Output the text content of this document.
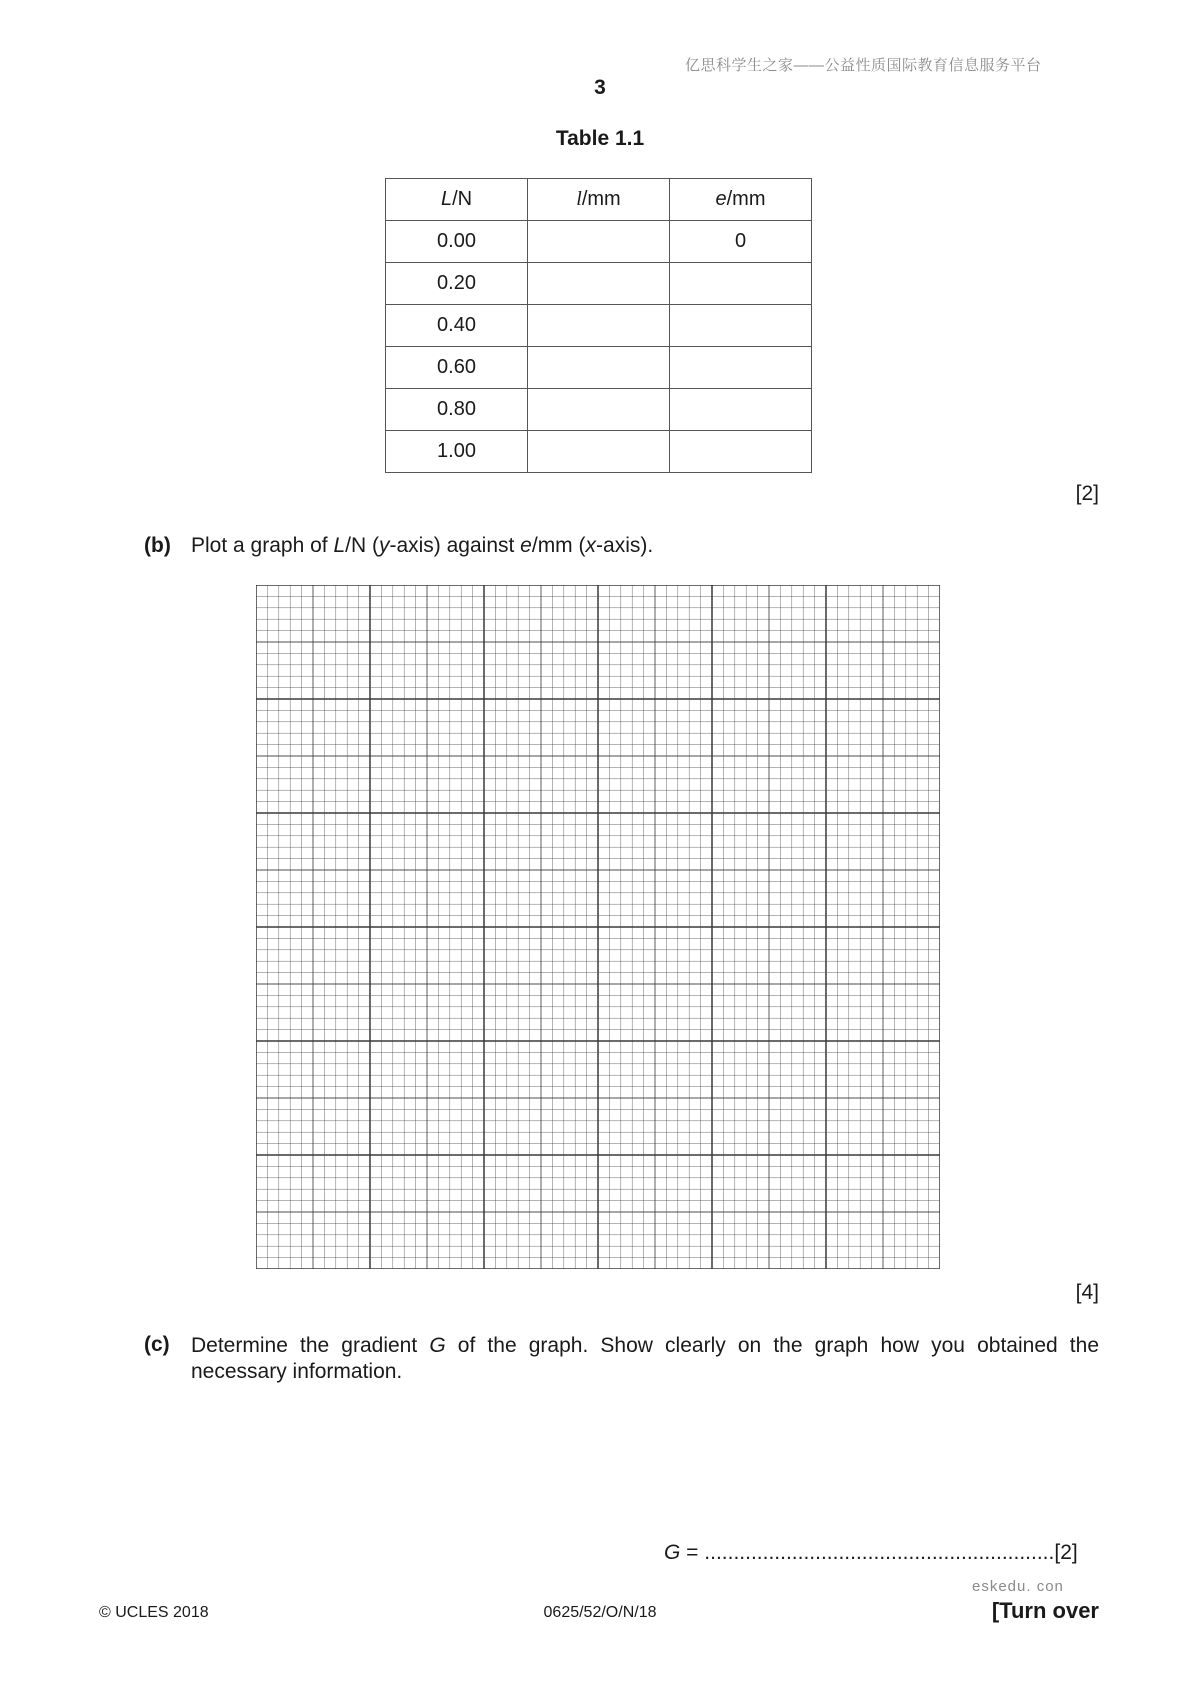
亿思科学生之家——公益性质国际教育信息服务平台
3
Table 1.1
L/N	l/mm	e/mm
0.00		0
0.20		
0.40		
0.60		
0.80		
1.00		
[2]
(b) Plot a graph of L/N (y-axis) against e/mm (x-axis).
[4]
(c) Determine the gradient G of the graph. Show clearly on the graph how you obtained the necessary information.
G = ............................................................[2]
eskedu. con
© UCLES 2018	0625/52/O/N/18	[Turn over
